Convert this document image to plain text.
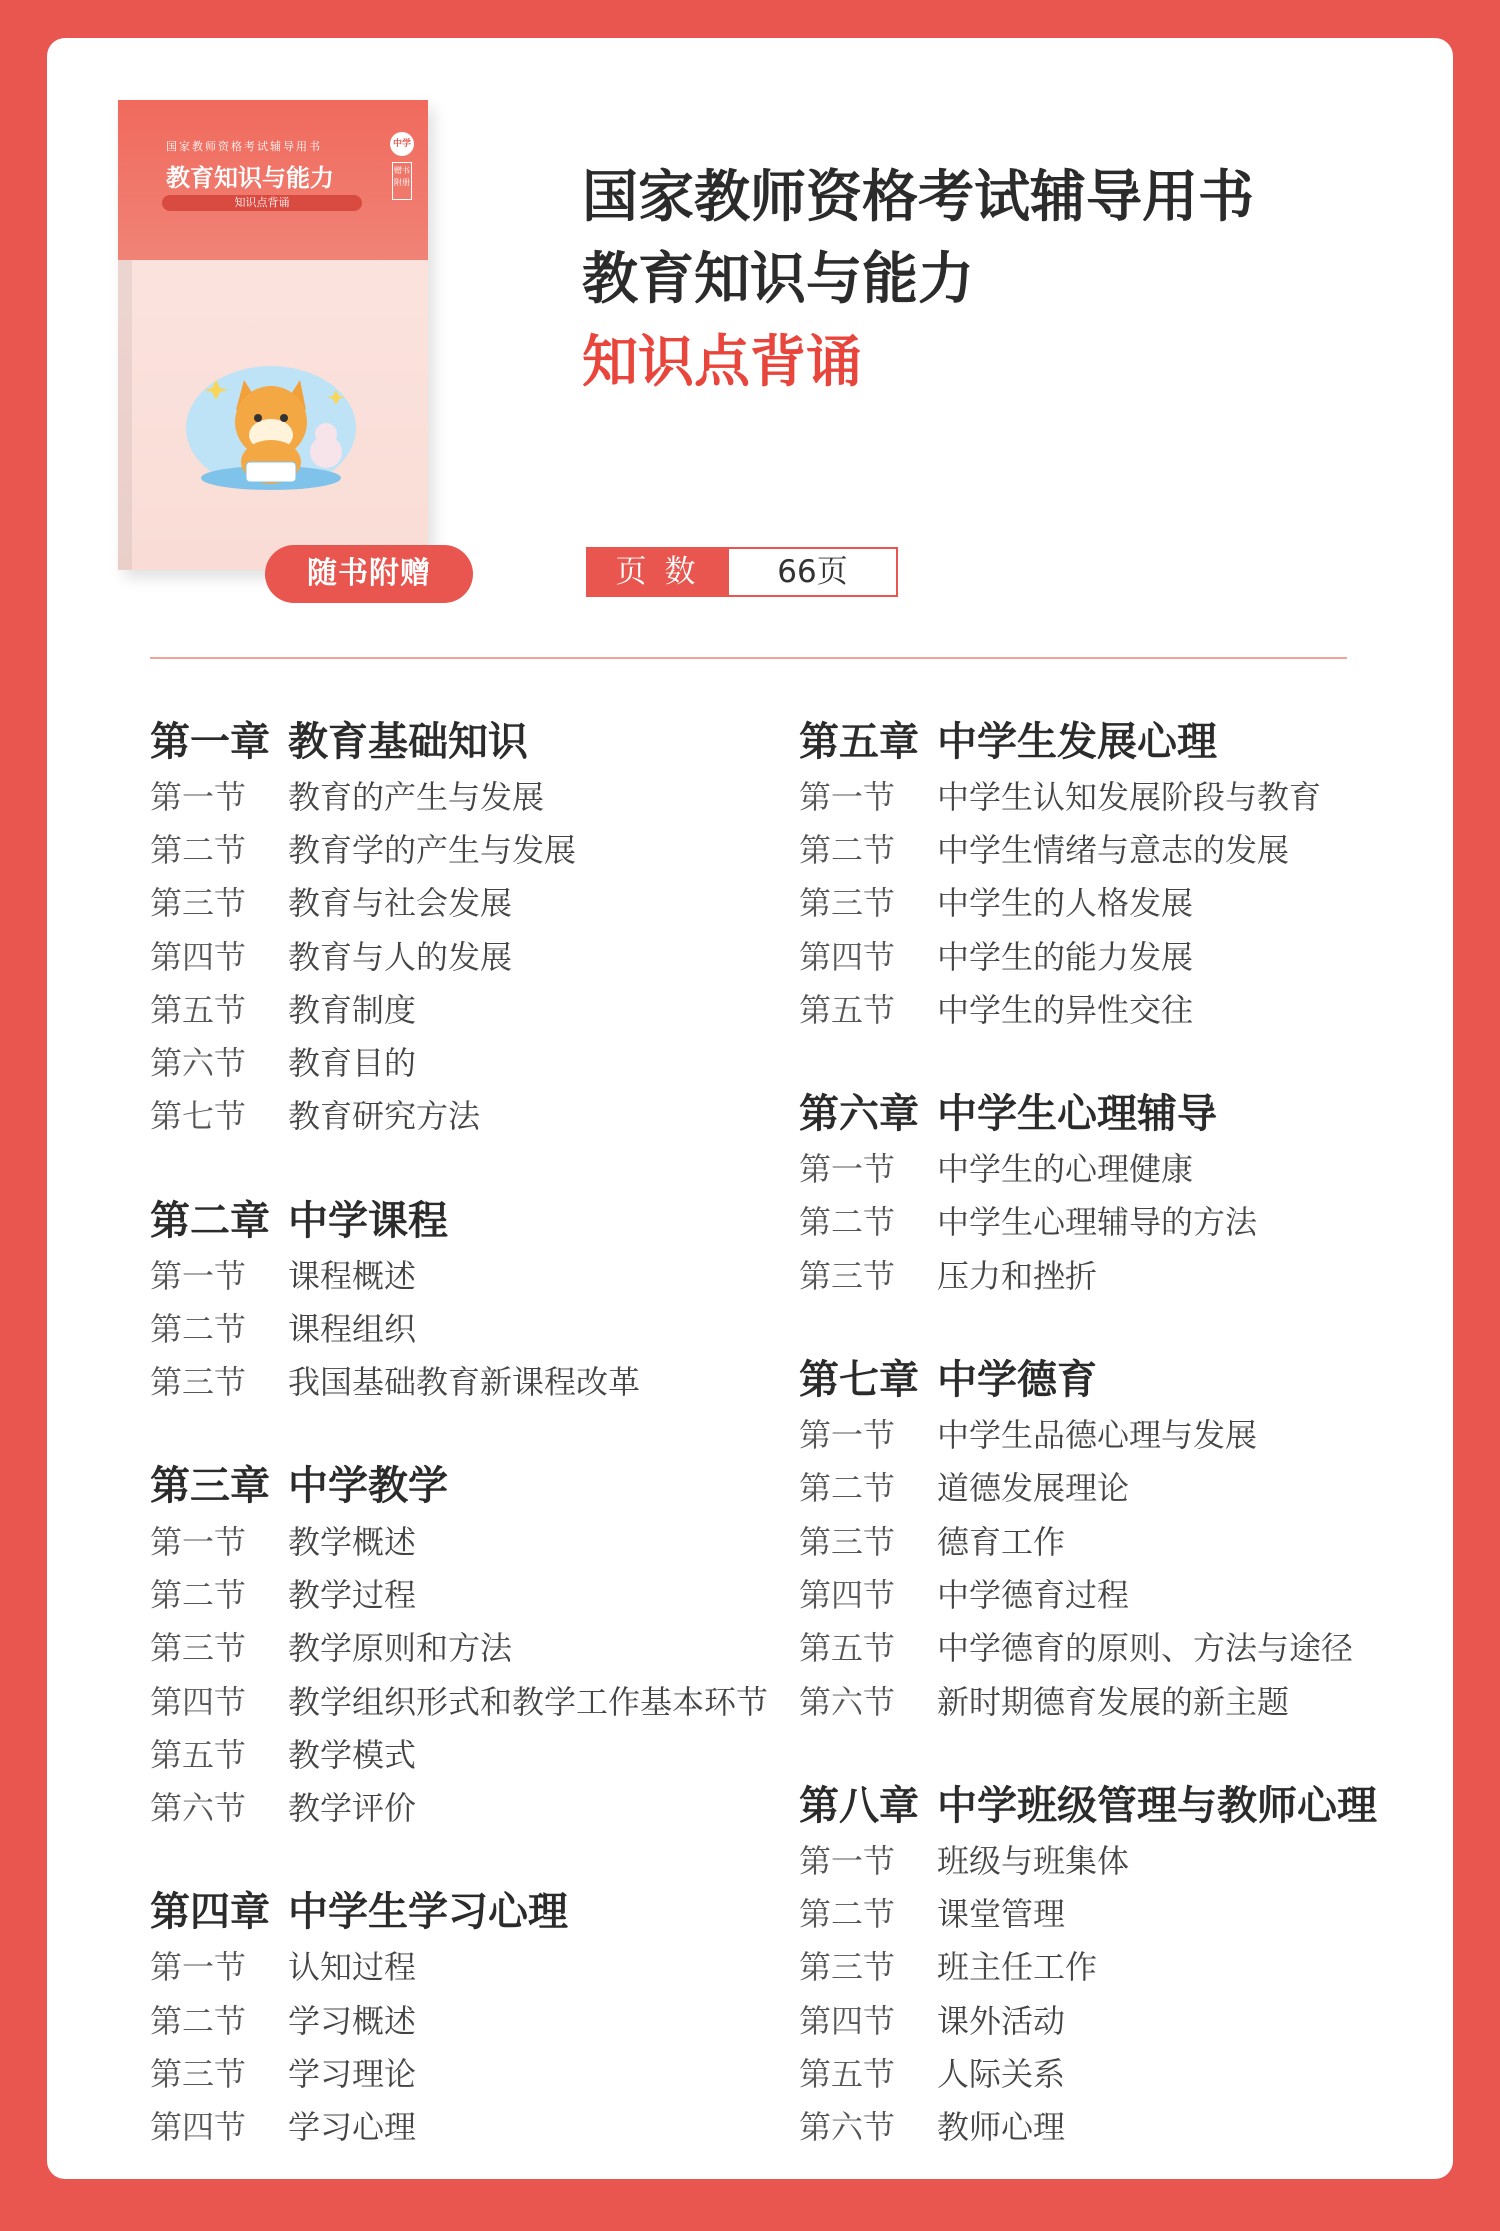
国家教师资格考试辅导用书
教育知识与能力
知识点背诵
中学
赠书附册
随书附赠
国家教师资格考试辅导用书
教育知识与能力
知识点背诵
页数	66页
第一章 教育基础知识
第一节	教育的产生与发展
第二节	教育学的产生与发展
第三节	教育与社会发展
第四节	教育与人的发展
第五节	教育制度
第六节	教育目的
第七节	教育研究方法
第二章 中学课程
第一节	课程概述
第二节	课程组织
第三节	我国基础教育新课程改革
第三章 中学教学
第一节	教学概述
第二节	教学过程
第三节	教学原则和方法
第四节	教学组织形式和教学工作基本环节
第五节	教学模式
第六节	教学评价
第四章 中学生学习心理
第一节	认知过程
第二节	学习概述
第三节	学习理论
第四节	学习心理
第五章 中学生发展心理
第一节	中学生认知发展阶段与教育
第二节	中学生情绪与意志的发展
第三节	中学生的人格发展
第四节	中学生的能力发展
第五节	中学生的异性交往
第六章 中学生心理辅导
第一节	中学生的心理健康
第二节	中学生心理辅导的方法
第三节	压力和挫折
第七章 中学德育
第一节	中学生品德心理与发展
第二节	道德发展理论
第三节	德育工作
第四节	中学德育过程
第五节	中学德育的原则、方法与途径
第六节	新时期德育发展的新主题
第八章 中学班级管理与教师心理
第一节	班级与班集体
第二节	课堂管理
第三节	班主任工作
第四节	课外活动
第五节	人际关系
第六节	教师心理
